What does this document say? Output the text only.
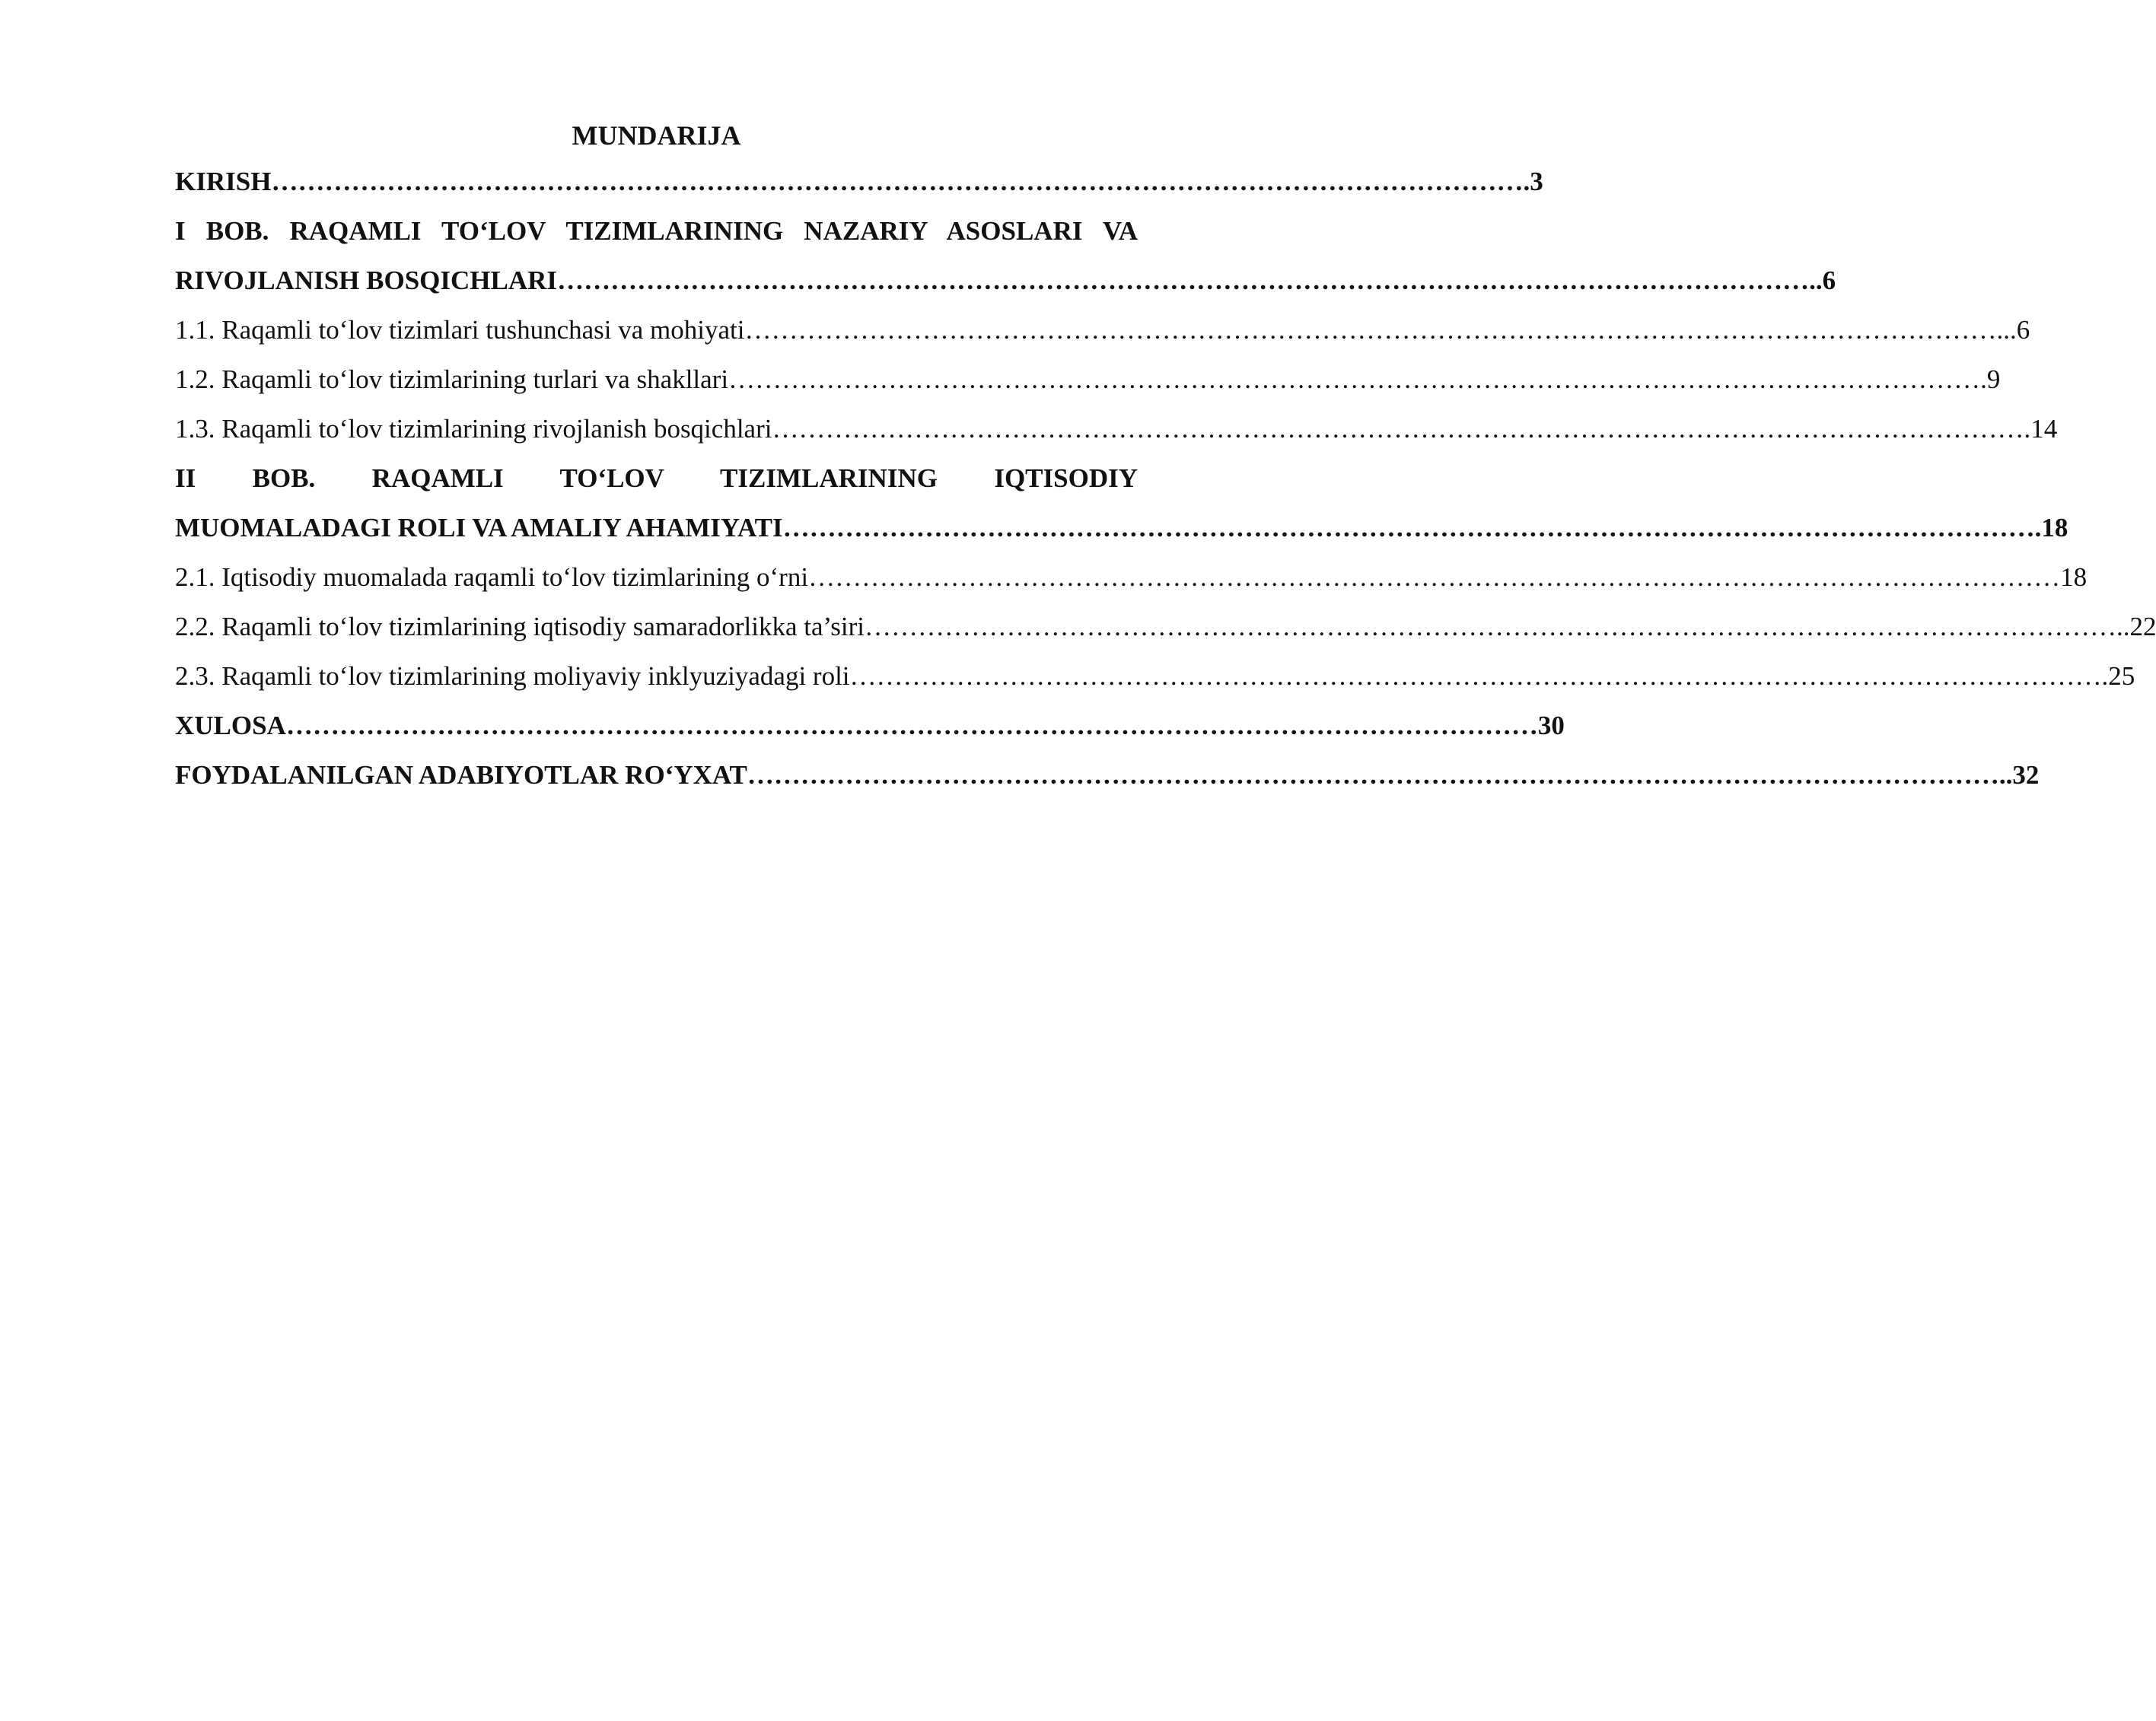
MUNDARIJA
KIRISH …………………………………………………………………………………………………………………………… .3
I BOB. RAQAMLI TO‘LOV TIZIMLARINING NAZARIY ASOSLARI VA
RIVOJLANISH BOSQICHLARI …………………………………………………………………………………………………………………………… ..6
1.1. Raqamli to‘lov tizimlari tushunchasi va mohiyati …………………………………………………………………………………………………………………………… ...6
1.2. Raqamli to‘lov tizimlarining turlari va shakllari …………………………………………………………………………………………………………………………… .9
1.3. Raqamli to‘lov tizimlarining rivojlanish bosqichlari …………………………………………………………………………………………………………………………… .14
II BOB. RAQAMLI TO‘LOV TIZIMLARINING IQTISODIY
MUOMALADAGI ROLI VA AMALIY AHAMIYATI …………………………………………………………………………………………………………………………… .18
2.1. Iqtisodiy muomalada raqamli to‘lov tizimlarining o‘rni …………………………………………………………………………………………………………………………… 18
2.2. Raqamli to‘lov tizimlarining iqtisodiy samaradorlikka ta’siri …………………………………………………………………………………………………………………………… ..22
2.3. Raqamli to‘lov tizimlarining moliyaviy inklyuziyadagi roli …………………………………………………………………………………………………………………………… .25
XULOSA …………………………………………………………………………………………………………………………… 30
FOYDALANILGAN ADABIYOTLAR RO‘YXAT …………………………………………………………………………………………………………………………… ..32
